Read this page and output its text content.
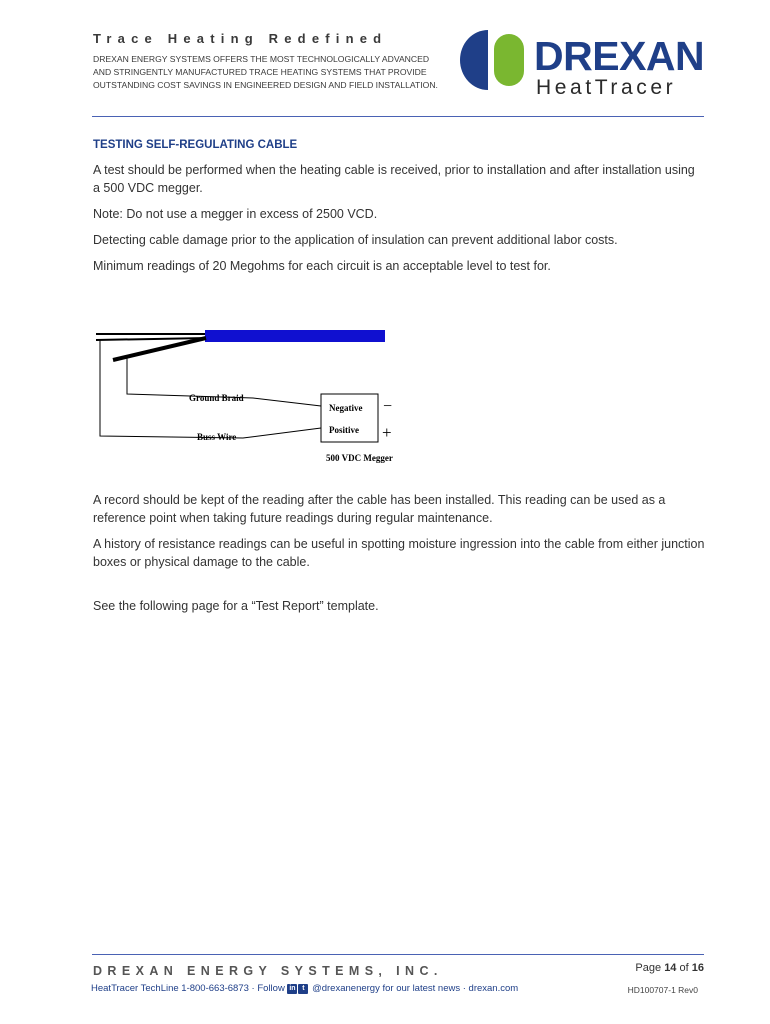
Trace Heating Redefined
DREXAN ENERGY SYSTEMS OFFERS THE MOST TECHNOLOGICALLY ADVANCED
AND STRINGENTLY MANUFACTURED TRACE HEATING SYSTEMS THAT PROVIDE
OUTSTANDING COST SAVINGS IN ENGINEERED DESIGN AND FIELD INSTALLATION.
DREXAN
HeatTracer
TESTING SELF-REGULATING CABLE

A test should be performed when the heating cable is received, prior to installation and after installation using a 500 VDC megger.

Note: Do not use a megger in excess of 2500 VCD.

Detecting cable damage prior to the application of insulation can prevent additional labor costs.

Minimum readings of 20 Megohms for each circuit is an acceptable level to test for.

Ground Braid
Buss Wire
Negative
Positive
−
+
500 VDC Megger

A record should be kept of the reading after the cable has been installed. This reading can be used as a reference point when taking future readings during regular maintenance.

A history of resistance readings can be useful in spotting moisture ingression into the cable from either junction boxes or physical damage to the cable.

See the following page for a “Test Report” template.

DREXAN ENERGY SYSTEMS, INC.
HeatTracer TechLine 1-800-663-6873 · Follow in t @drexanenergy for our latest news · drexan.com
Page 14 of 16
HD100707-1 Rev0
